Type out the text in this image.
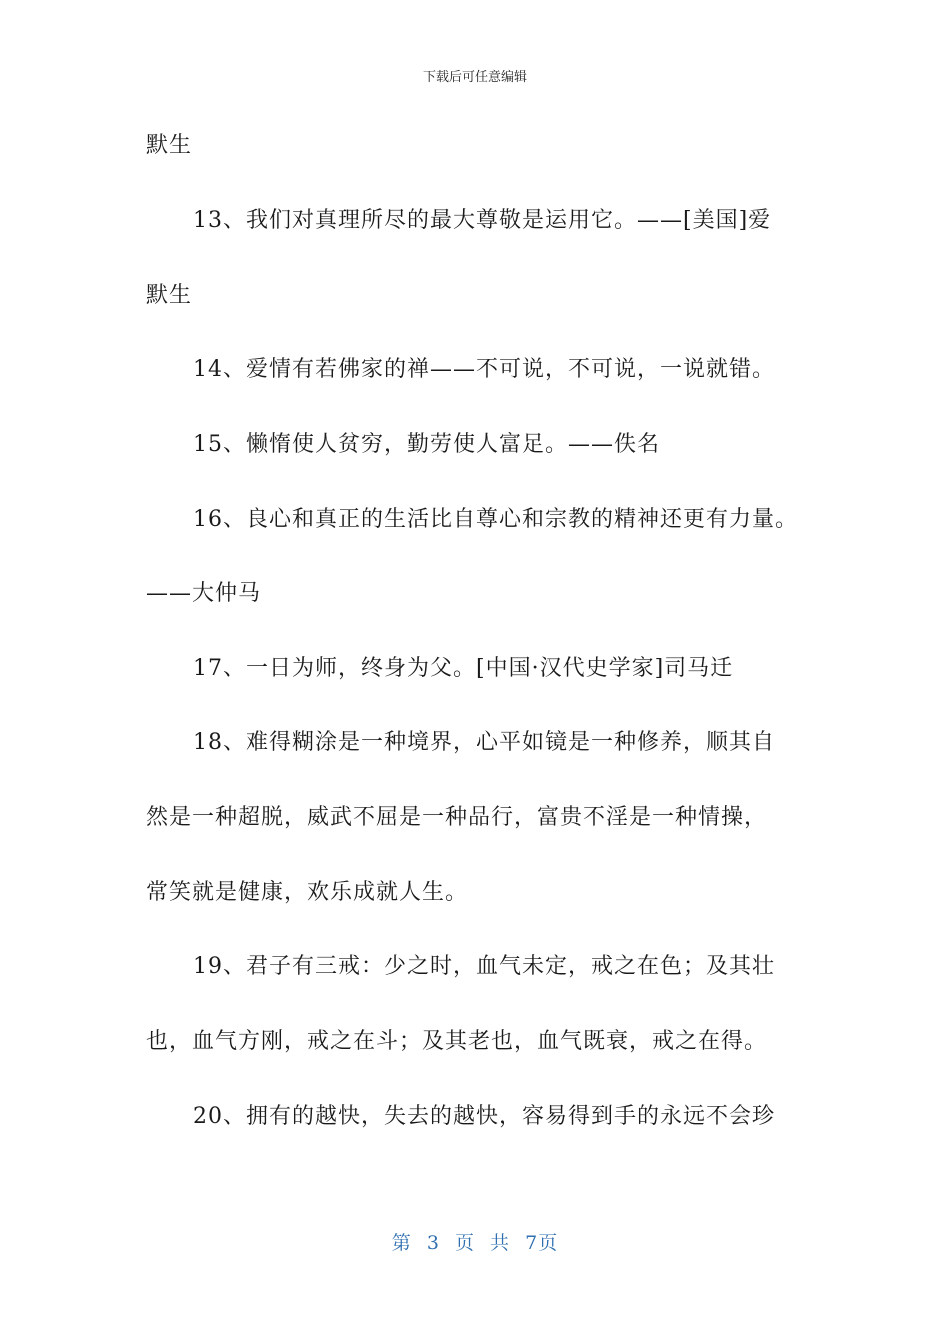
下载后可任意编辑
默生
13、我们对真理所尽的最大尊敬是运用它。——[美国]爱
默生
14、爱情有若佛家的禅——不可说，不可说，一说就错。
15、懒惰使人贫穷，勤劳使人富足。——佚名
16、良心和真正的生活比自尊心和宗教的精神还更有力量。
——大仲马
17、一日为师，终身为父。[中国·汉代史学家]司马迁
18、难得糊涂是一种境界，心平如镜是一种修养，顺其自
然是一种超脱，威武不屈是一种品行，富贵不淫是一种情操，
常笑就是健康，欢乐成就人生。
19、君子有三戒：少之时，血气未定，戒之在色；及其壮
也，血气方刚，戒之在斗；及其老也，血气既衰，戒之在得。
20、拥有的越快，失去的越快，容易得到手的永远不会珍
第 3 页 共 7页
